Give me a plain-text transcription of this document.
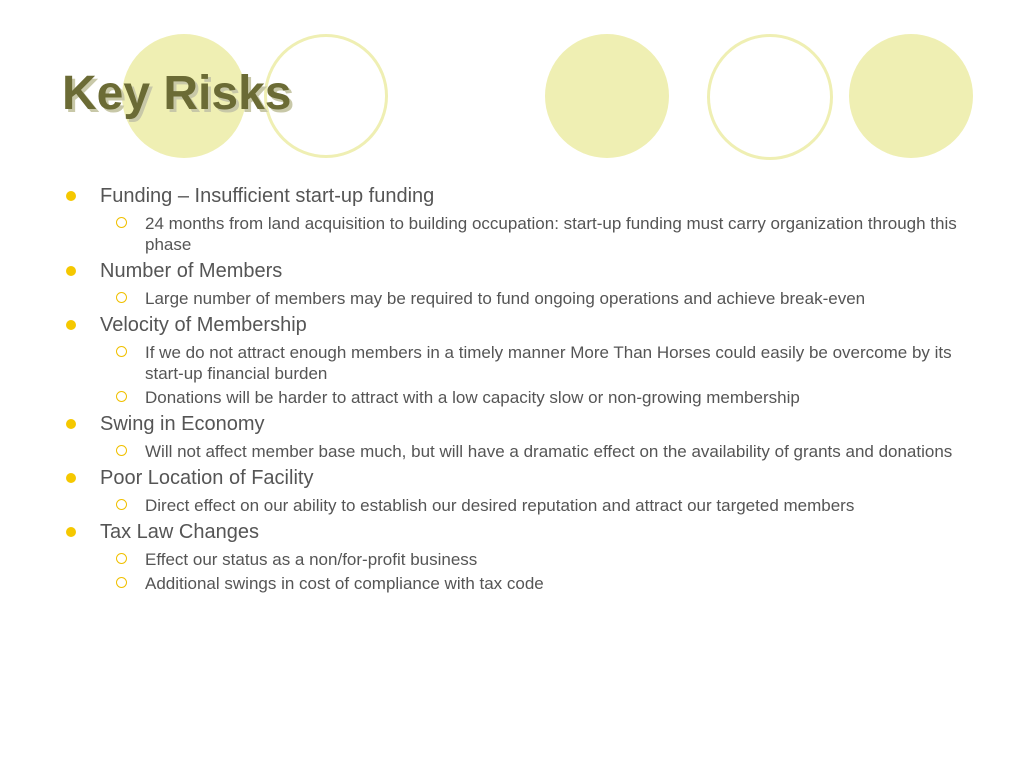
Key Risks
Funding – Insufficient start-up funding
24 months from land acquisition to building occupation: start-up funding must carry organization through this phase
Number of Members
Large number of members may be required to fund ongoing operations and achieve break-even
Velocity of Membership
If we do not attract enough members in a timely manner More Than Horses could easily be overcome by its start-up financial burden
Donations will be harder to attract with a low capacity slow or non-growing membership
Swing in Economy
Will not affect member base much, but will have a dramatic effect on the availability of grants and donations
Poor Location of Facility
Direct effect on our ability to establish our desired reputation and attract our targeted members
Tax Law Changes
Effect our status as a non/for-profit business
Additional swings in cost of compliance with tax code
